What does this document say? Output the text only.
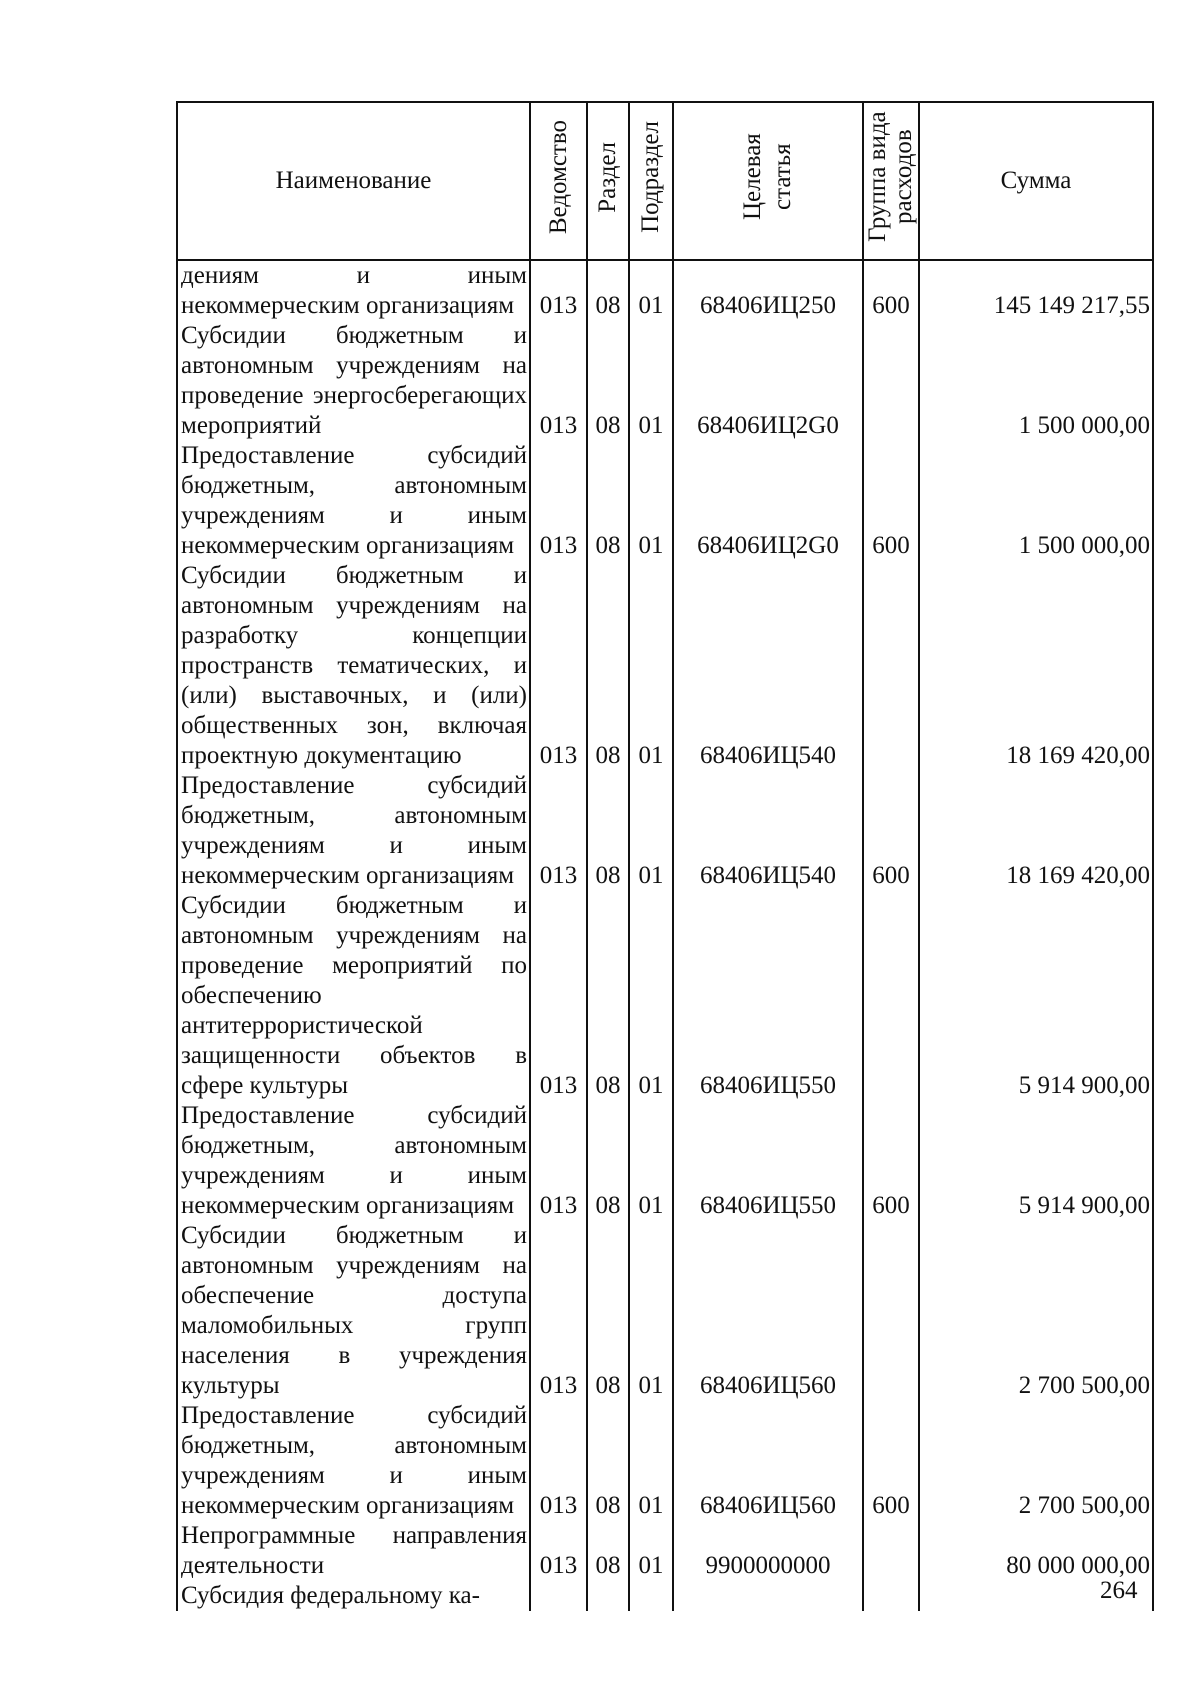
Наименование	Ведомство	Раздел	Подраздел	Целевая статья	Группа вида расходов	Сумма
дениям и иным некоммерческим организациям	013	08	01	68406ИЦ250	600	145 149 217,55
Субсидии бюджетным и автономным учреждениям на проведение энергосберегающих мероприятий	013	08	01	68406ИЦ2G0		1 500 000,00
Предоставление субсидий бюджетным, автономным учреждениям и иным некоммерческим организациям	013	08	01	68406ИЦ2G0	600	1 500 000,00
Субсидии бюджетным и автономным учреждениям на разработку концепции пространств тематических, и (или) выставочных, и (или) общественных зон, включая проектную документацию	013	08	01	68406ИЦ540		18 169 420,00
Предоставление субсидий бюджетным, автономным учреждениям и иным некоммерческим организациям	013	08	01	68406ИЦ540	600	18 169 420,00
Субсидии бюджетным и автономным учреждениям на проведение мероприятий по обеспечению антитеррористической защищенности объектов в сфере культуры	013	08	01	68406ИЦ550		5 914 900,00
Предоставление субсидий бюджетным, автономным учреждениям и иным некоммерческим организациям	013	08	01	68406ИЦ550	600	5 914 900,00
Субсидии бюджетным и автономным учреждениям на обеспечение доступа маломобильных групп населения в учреждения культуры	013	08	01	68406ИЦ560		2 700 500,00
Предоставление субсидий бюджетным, автономным учреждениям и иным некоммерческим организациям	013	08	01	68406ИЦ560	600	2 700 500,00
Непрограммные направления деятельности	013	08	01	9900000000		80 000 000,00
Субсидия федеральному ка-							264
